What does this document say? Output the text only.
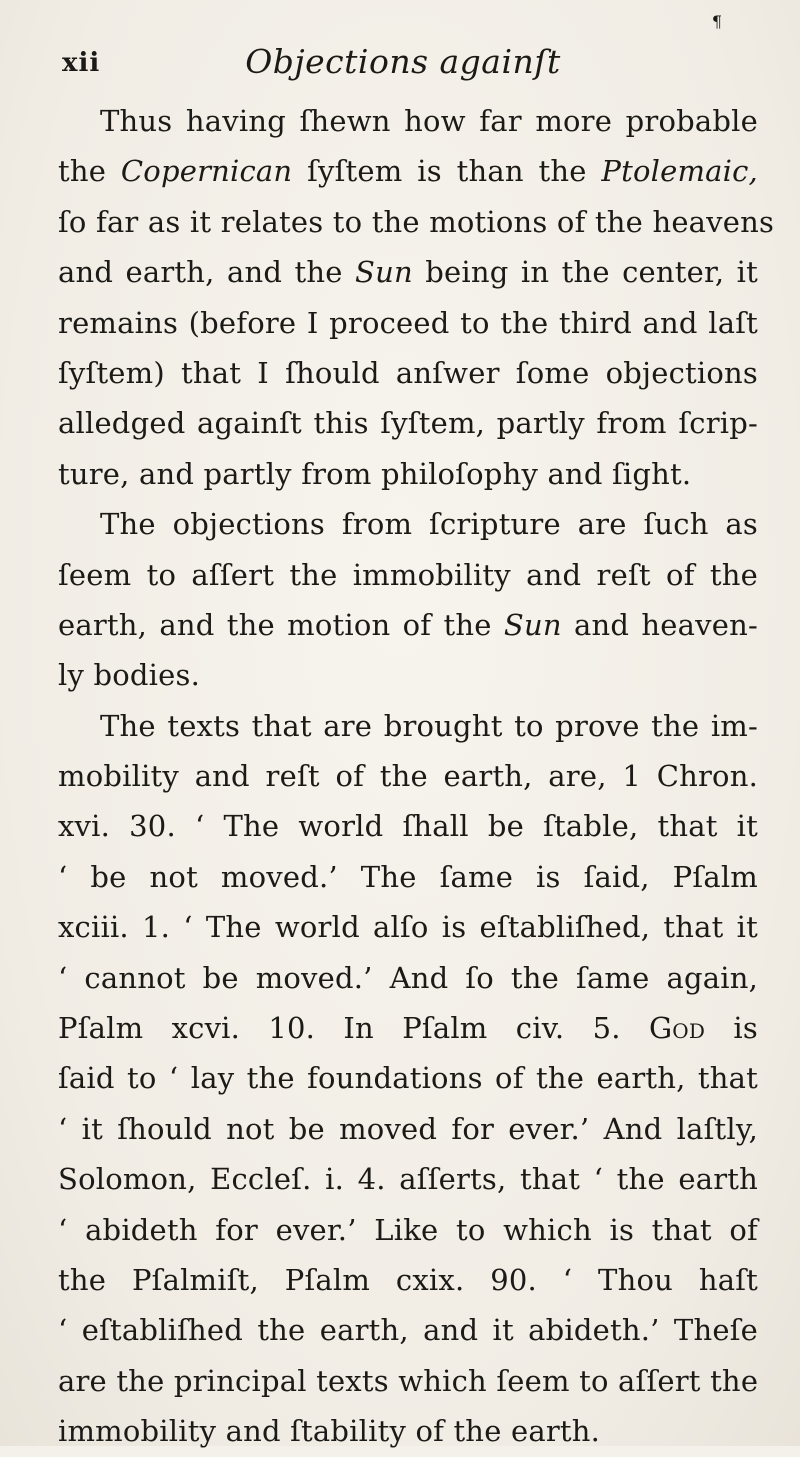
xii	Objections againſt
¶
Thus having ſhewn how far more probable
the Copernican ſyſtem is than the Ptolemaic,
ſo far as it relates to the motions of the heavens
and earth, and the Sun being in the center, it
remains (before I proceed to the third and laſt
ſyſtem) that I ſhould anſwer ſome objections
alledged againſt this ſyſtem, partly from ſcrip-
ture, and partly from philoſophy and ſight.
The objections from ſcripture are ſuch as
ſeem to aſſert the immobility and reſt of the
earth, and the motion of the Sun and heaven-
ly bodies.
The texts that are brought to prove the im-
mobility and reſt of the earth, are, 1 Chron.
xvi. 30. ‘ The world ſhall be ſtable, that it
‘ be not moved.’ The ſame is ſaid, Pſalm
xciii. 1. ‘ The world alſo is eſtabliſhed, that it
‘ cannot be moved.’ And ſo the ſame again,
Pſalm xcvi. 10. In Pſalm civ. 5. God is
ſaid to ‘ lay the foundations of the earth, that
‘ it ſhould not be moved for ever.’ And laſtly,
Solomon, Eccleſ. i. 4. aſſerts, that ‘ the earth
‘ abideth for ever.’ Like to which is that of
the Pſalmiſt, Pſalm cxix. 90. ‘ Thou haſt
‘ eſtabliſhed the earth, and it abideth.’ Theſe
are the principal texts which ſeem to aſſert the
immobility and ſtability of the earth.
